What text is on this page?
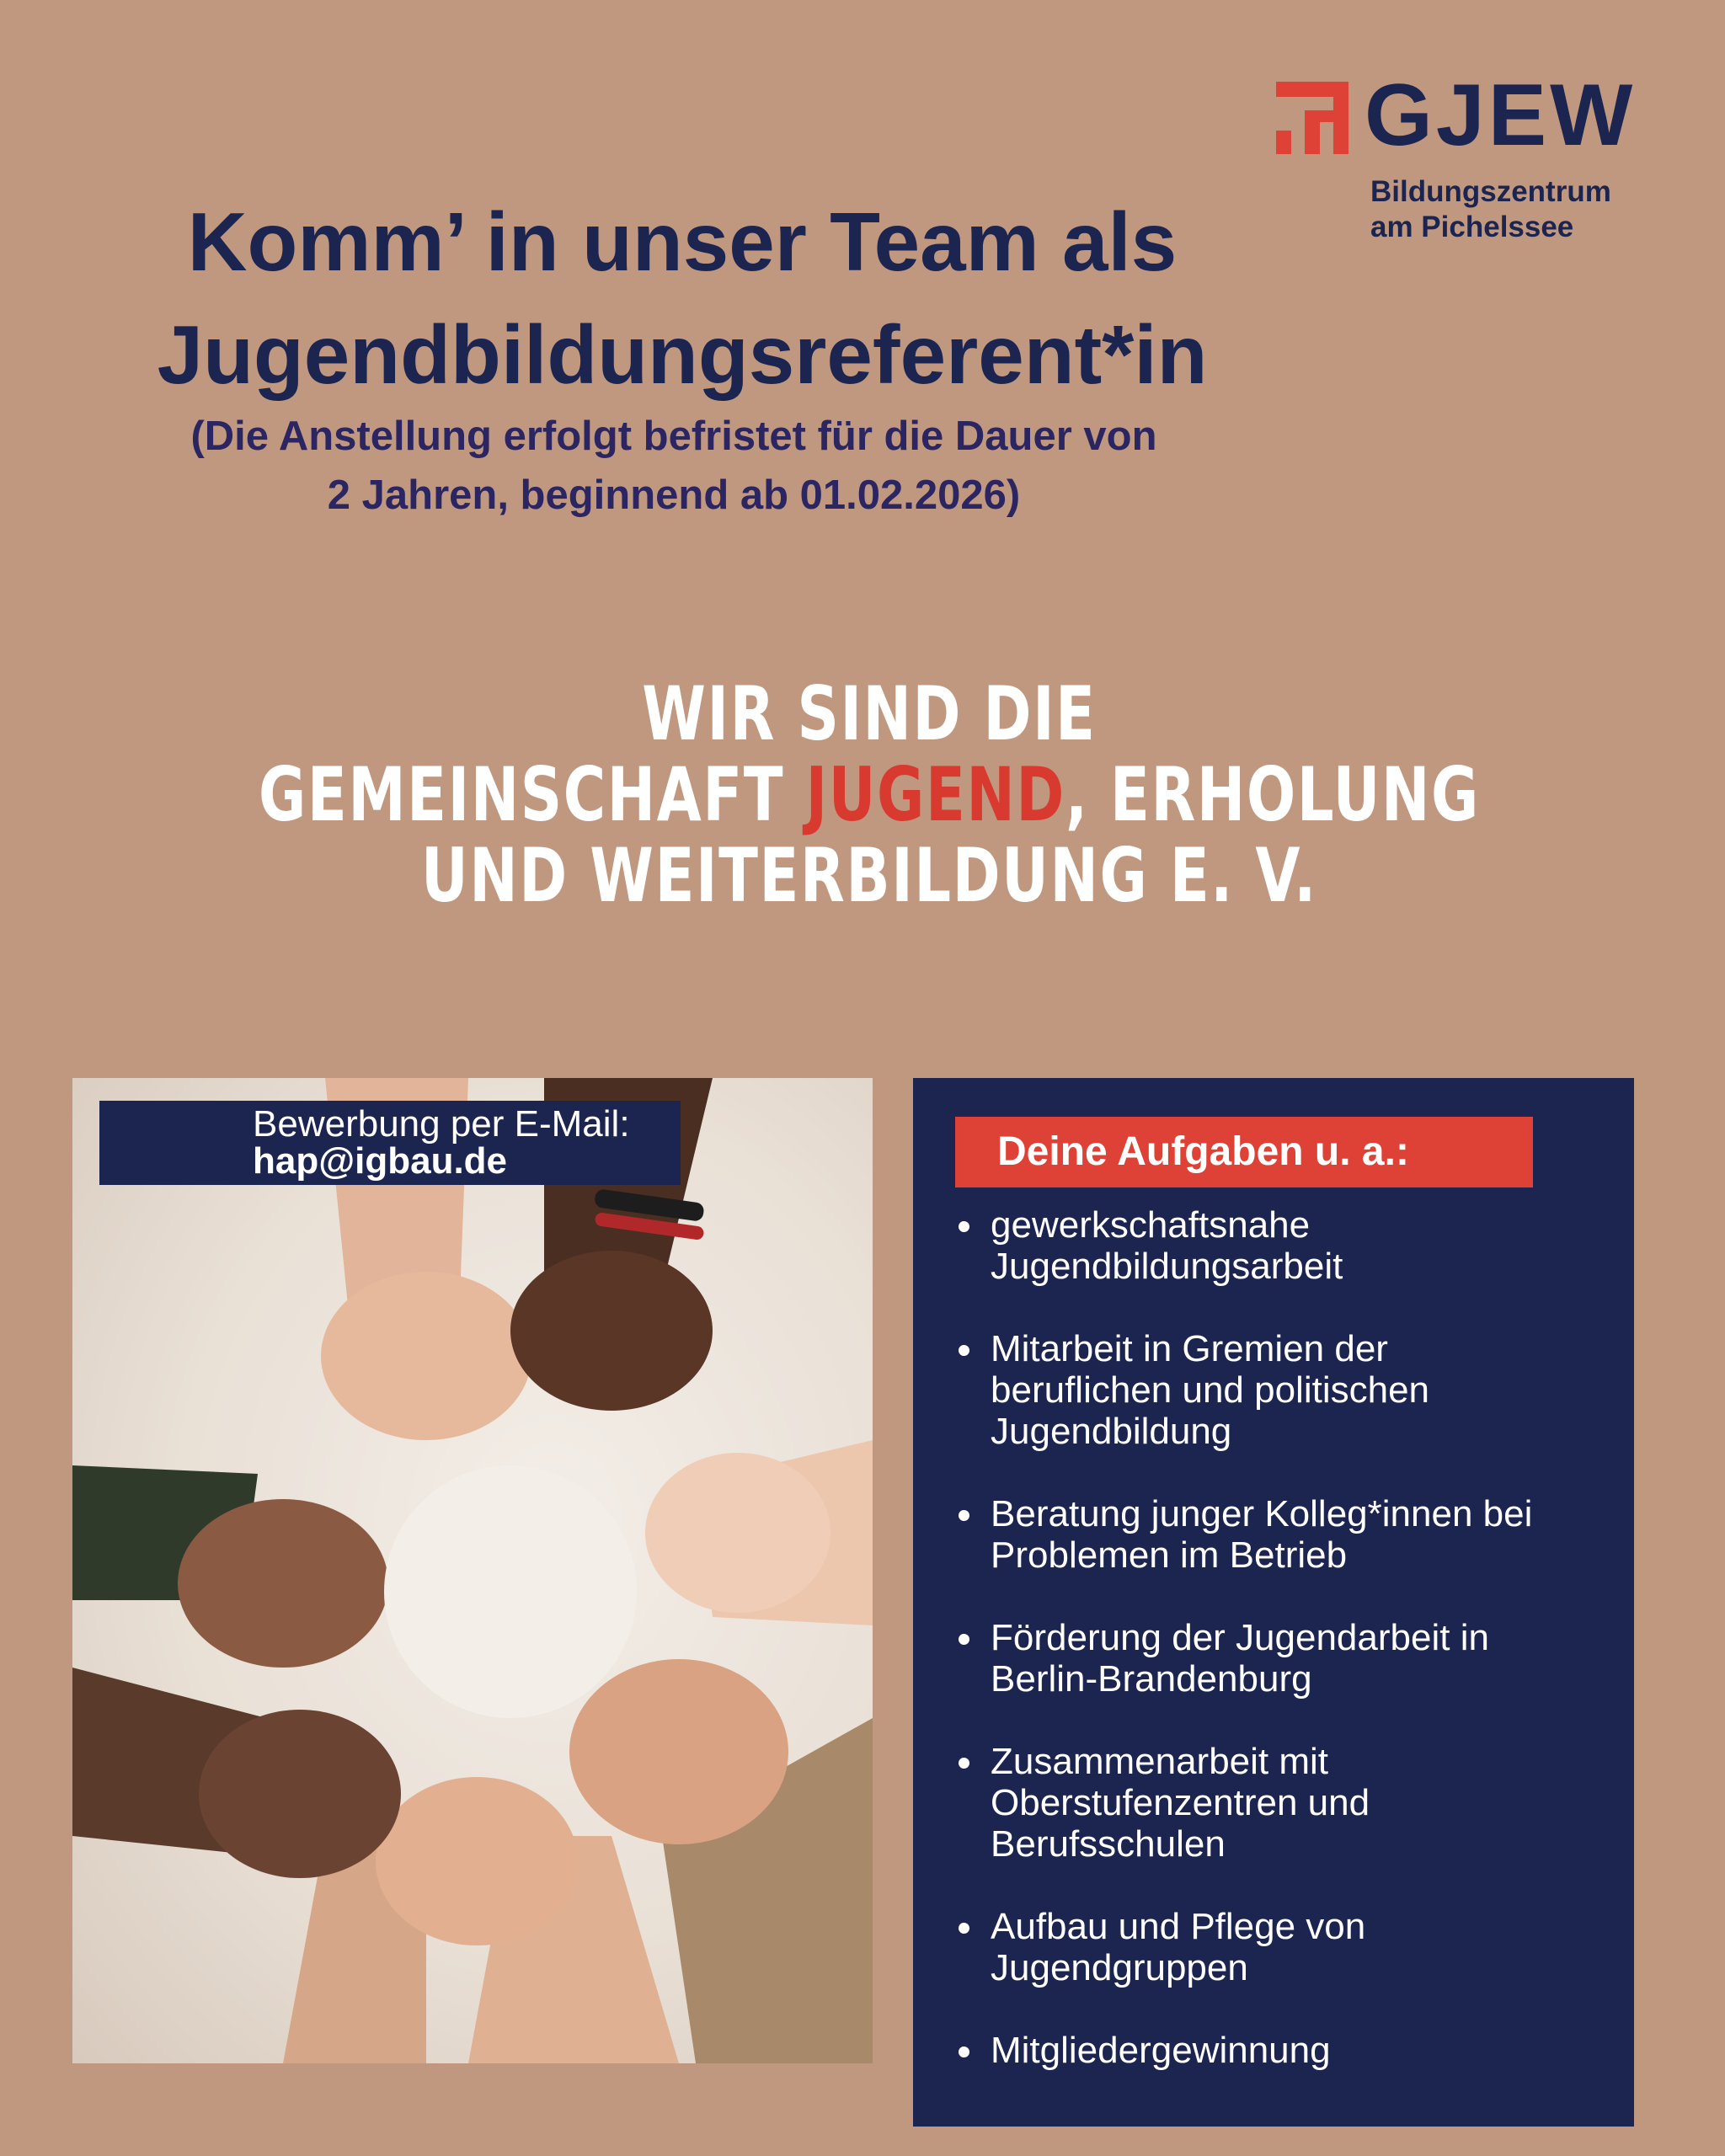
GJEW
Bildungszentrum
am Pichelssee
Komm’ in unser Team als
Jugendbildungsreferent*in
(Die Anstellung erfolgt befristet für die Dauer von
2 Jahren, beginnend ab 01.02.2026)
WIR SIND DIE
GEMEINSCHAFT JUGEND, ERHOLUNG
UND WEITERBILDUNG E. V.
Bewerbung per E-Mail:
hap@igbau.de	Deine Aufgaben u. a.:
gewerkschaftsnahe
Jugendbildungsarbeit
Mitarbeit in Gremien der
beruflichen und politischen
Jugendbildung
Beratung junger Kolleg*innen bei
Problemen im Betrieb
Förderung der Jugendarbeit in
Berlin-Brandenburg
Zusammenarbeit mit
Oberstufenzentren und
Berufsschulen
Aufbau und Pflege von
Jugendgruppen
Mitgliedergewinnung
